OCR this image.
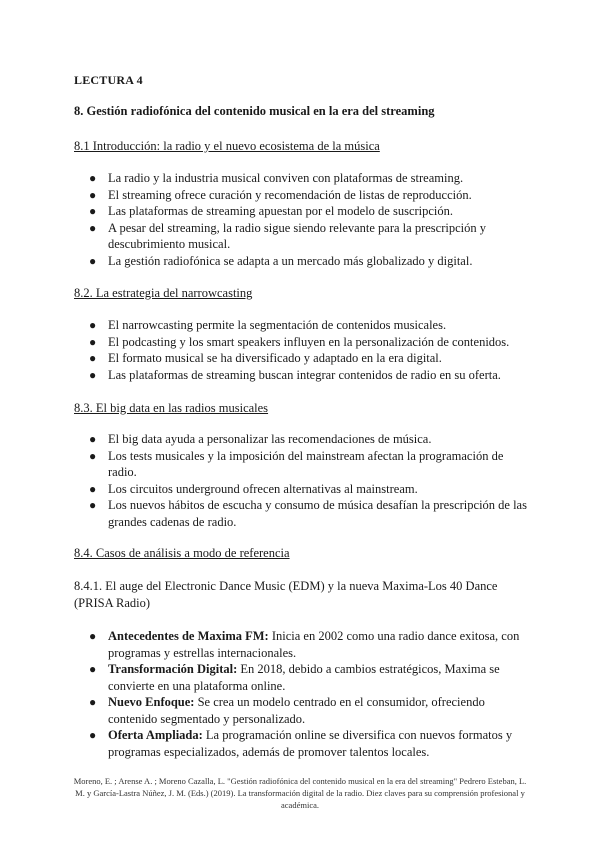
LECTURA 4
8. Gestión radiofónica del contenido musical en la era del streaming
8.1 Introducción: la radio y el nuevo ecosistema de la música
● La radio y la industria musical conviven con plataformas de streaming.
● El streaming ofrece curación y recomendación de listas de reproducción.
● Las plataformas de streaming apuestan por el modelo de suscripción.
● A pesar del streaming, la radio sigue siendo relevante para la prescripción y descubrimiento musical.
● La gestión radiofónica se adapta a un mercado más globalizado y digital.
8.2. La estrategia del narrowcasting
● El narrowcasting permite la segmentación de contenidos musicales.
● El podcasting y los smart speakers influyen en la personalización de contenidos.
● El formato musical se ha diversificado y adaptado en la era digital.
● Las plataformas de streaming buscan integrar contenidos de radio en su oferta.
8.3. El big data en las radios musicales
● El big data ayuda a personalizar las recomendaciones de música.
● Los tests musicales y la imposición del mainstream afectan la programación de radio.
● Los circuitos underground ofrecen alternativas al mainstream.
● Los nuevos hábitos de escucha y consumo de música desafían la prescripción de las grandes cadenas de radio.
8.4. Casos de análisis a modo de referencia
8.4.1. El auge del Electronic Dance Music (EDM) y la nueva Maxima-Los 40 Dance (PRISA Radio)
● Antecedentes de Maxima FM: Inicia en 2002 como una radio dance exitosa, con programas y estrellas internacionales.
● Transformación Digital: En 2018, debido a cambios estratégicos, Maxima se convierte en una plataforma online.
● Nuevo Enfoque: Se crea un modelo centrado en el consumidor, ofreciendo contenido segmentado y personalizado.
● Oferta Ampliada: La programación online se diversifica con nuevos formatos y programas especializados, además de promover talentos locales.
Moreno, E. ; Arense A. ; Moreno Cazalla, L. "Gestión radiofónica del contenido musical en la era del streaming" Pedrero Esteban, L. M. y García-Lastra Núñez, J. M. (Eds.) (2019). La transformación digital de la radio. Diez claves para su comprensión profesional y académica.
